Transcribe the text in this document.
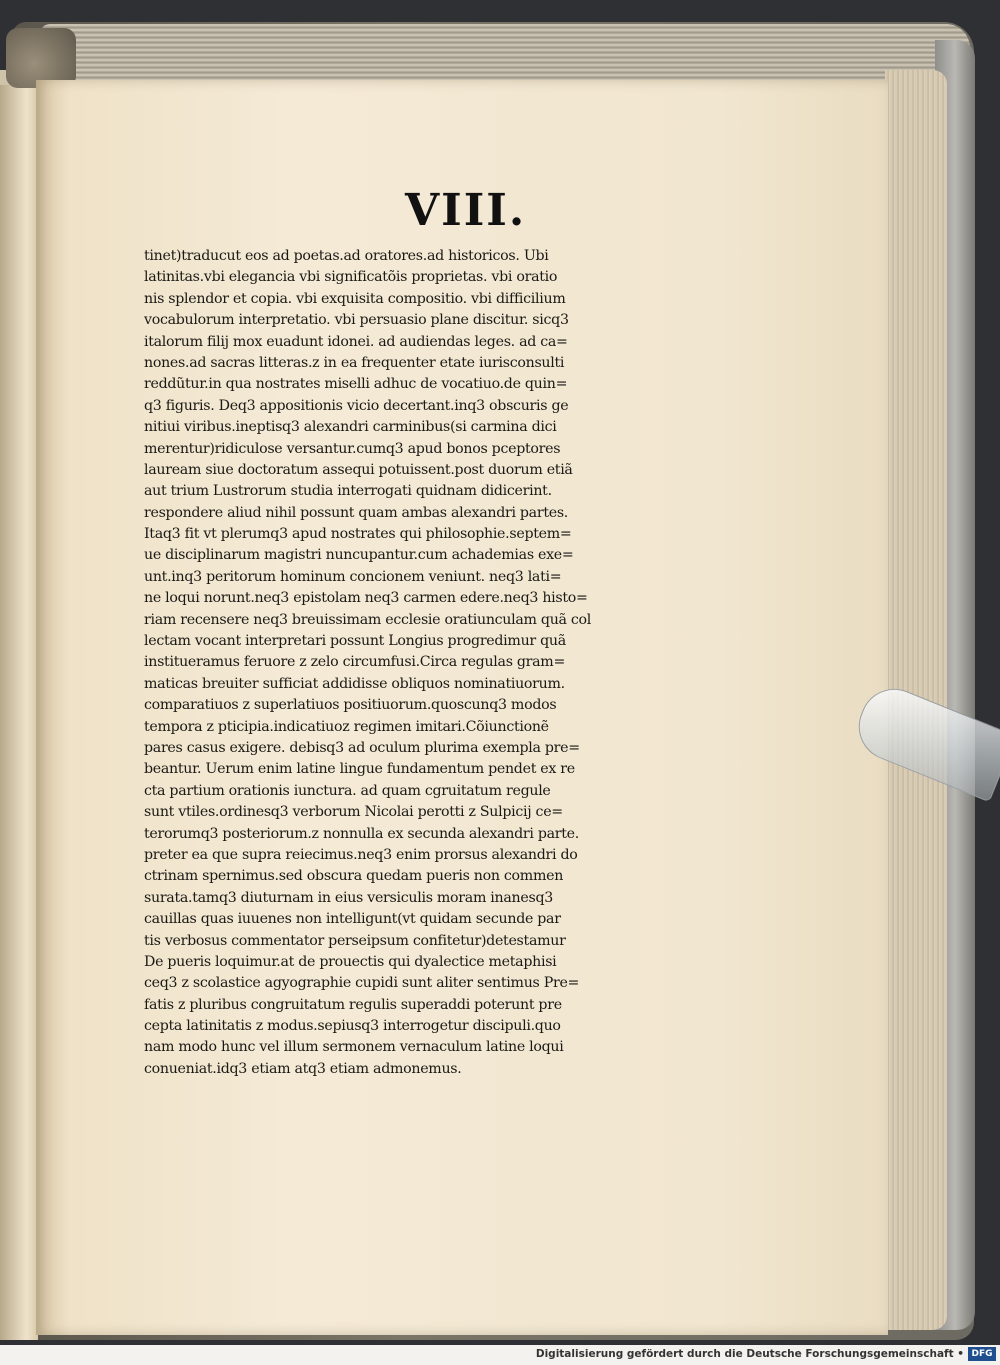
VIII.
tinet)traducut eos ad poetas.ad oratores.ad historicos. Ubi
latinitas.vbi elegancia vbi significatõis proprietas. vbi oratio
nis splendor et copia. vbi exquisita compositio. vbi difficilium
vocabulorum interpretatio. vbi persuasio plane discitur. sicq3
italorum filij mox euadunt idonei. ad audiendas leges. ad ca=
nones.ad sacras litteras.z in ea frequenter etate iurisconsulti
reddũtur.in qua nostrates miselli adhuc de vocatiuo.de quin=
q3 figuris. Deq3 appositionis vicio decertant.inq3 obscuris ge
nitiui viribus.ineptisq3 alexandri carminibus(si carmina dici
merentur)ridiculose versantur.cumq3 apud bonos pceptores
lauream siue doctoratum assequi potuissent.post duorum etiã
aut trium Lustrorum studia interrogati quidnam didicerint.
respondere aliud nihil possunt quam ambas alexandri partes.
Itaq3 fit vt plerumq3 apud nostrates qui philosophie.septem=
ue disciplinarum magistri nuncupantur.cum achademias exe=
unt.inq3 peritorum hominum concionem veniunt. neq3 lati=
ne loqui norunt.neq3 epistolam neq3 carmen edere.neq3 histo=
riam recensere neq3 breuissimam ecclesie oratiunculam quã col
lectam vocant interpretari possunt Longius progredimur quã
institueramus feruore z zelo circumfusi.Circa regulas gram=
maticas breuiter sufficiat addidisse obliquos nominatiuorum.
comparatiuos z superlatiuos positiuorum.quoscunq3 modos
tempora z pticipia.indicatiuoz regimen imitari.Cõiunctionẽ
pares casus exigere. debisq3 ad oculum plurima exempla pre=
beantur. Uerum enim latine lingue fundamentum pendet ex re
cta partium orationis iunctura. ad quam cgruitatum regule
sunt vtiles.ordinesq3 verborum Nicolai perotti z Sulpicij ce=
terorumq3 posteriorum.z nonnulla ex secunda alexandri parte.
preter ea que supra reiecimus.neq3 enim prorsus alexandri do
ctrinam spernimus.sed obscura quedam pueris non commen
surata.tamq3 diuturnam in eius versiculis moram inanesq3
cauillas quas iuuenes non intelligunt(vt quidam secunde par
tis verbosus commentator perseipsum confitetur)detestamur
De pueris loquimur.at de prouectis qui dyalectice metaphisi
ceq3 z scolastice agyographie cupidi sunt aliter sentimus Pre=
fatis z pluribus congruitatum regulis superaddi poterunt pre
cepta latinitatis z modus.sepiusq3 interrogetur discipuli.quo
nam modo hunc vel illum sermonem vernaculum latine loqui
conueniat.idq3 etiam atq3 etiam admonemus.
Digitalisierung gefördert durch die Deutsche Forschungsgemeinschaft • DFG
